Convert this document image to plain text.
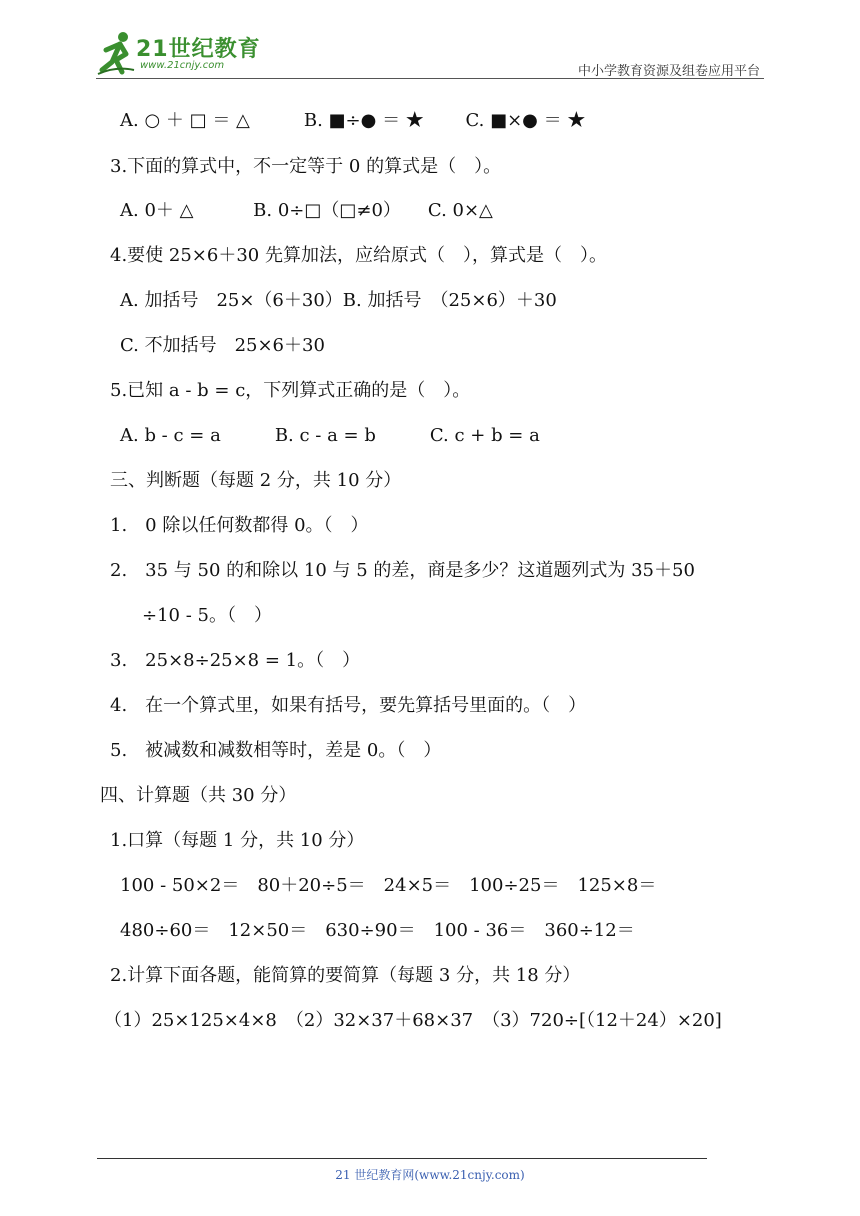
21世纪教育
www.21cnjy.com	中小学教育资源及组卷应用平台
A. ○ ＋ □ ＝ △　　　B. ■÷● ＝ ★　　 C. ■×● ＝ ★
3.下面的算式中，不一定等于 0 的算式是（　）。
A. 0＋ △　　　 B. 0÷□（□≠0）　　C. 0×△
4.要使 25×6＋30 先算加法，应给原式（　），算式是（　）。
A. 加括号　25×（6＋30）B. 加括号　（25×6）＋30
C. 不加括号　25×6＋30
5.已知 a - b = c，下列算式正确的是（　）。
A. b - c = a　　　B. c - a = b　　　C. c + b = a
三、判断题（每题 2 分，共 10 分）
1.　0 除以任何数都得 0。（　）
2.　35 与 50 的和除以 10 与 5 的差，商是多少？这道题列式为 35＋50
÷10 - 5。（　）
3.　25×8÷25×8 = 1。（　）
4.　在一个算式里，如果有括号，要先算括号里面的。（　）
5.　被减数和减数相等时，差是 0。（　）
四、计算题（共 30 分）
1.口算（每题 1 分，共 10 分）
100 - 50×2＝　80＋20÷5＝　24×5＝　100÷25＝　125×8＝
480÷60＝　12×50＝　630÷90＝　100 - 36＝　360÷12＝
2.计算下面各题，能简算的要简算（每题 3 分，共 18 分）
（1）25×125×4×8　（2）32×37＋68×37　（3）720÷[（12＋24）×20]
21 世纪教育网(www.21cnjy.com)
